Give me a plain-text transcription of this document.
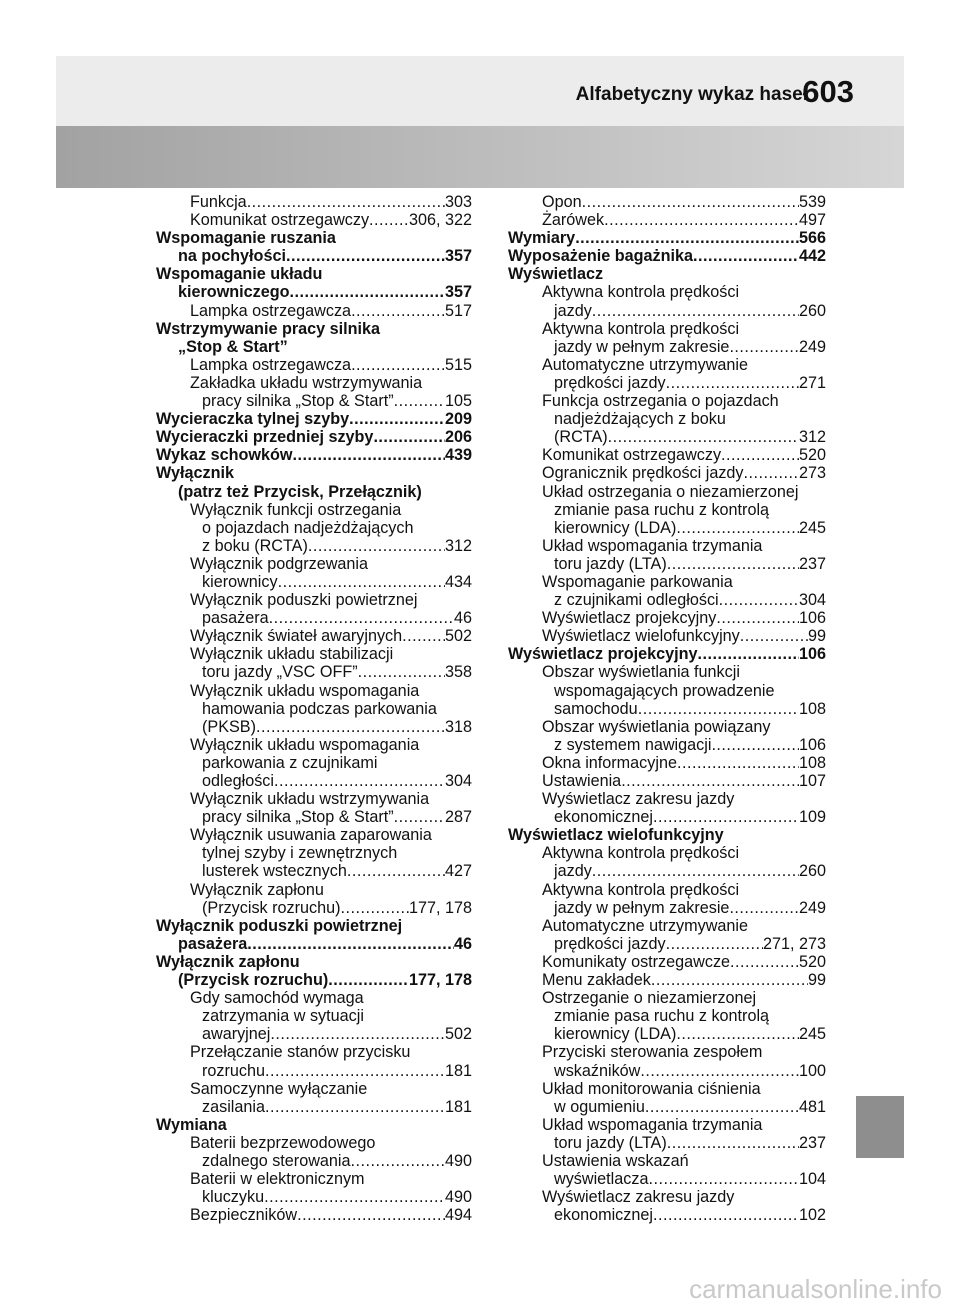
Alfabetyczny wykaz haseł
603
Funkcja .....	303
Komunikat ostrzegawczy ..... 306, 322
Wspomaganie ruszania
na pochyłości .....	357
Wspomaganie układu
kierowniczego .....	357
Lampka ostrzegawcza .....	517
Wstrzymywanie pracy silnika
„Stop & Start”
Lampka ostrzegawcza .....	515
Zakładka układu wstrzymywania
pracy silnika „Stop & Start” .....	105
Wycieraczka tylnej szyby .....	209
Wycieraczki przedniej szyby .....	206
Wykaz schowków .....	439
Wyłącznik
(patrz też Przycisk, Przełącznik)
Wyłącznik funkcji ostrzegania
o pojazdach nadjeżdżających
z boku (RCTA) .....	312
Wyłącznik podgrzewania
kierownicy .....	434
Wyłącznik poduszki powietrznej
pasażera .....	46
Wyłącznik świateł awaryjnych .....	502
Wyłącznik układu stabilizacji
toru jazdy „VSC OFF” .....	358
Wyłącznik układu wspomagania
hamowania podczas parkowania
(PKSB) .....	318
Wyłącznik układu wspomagania
parkowania z czujnikami
odległości .....	304
Wyłącznik układu wstrzymywania
pracy silnika „Stop & Start” .....	287
Wyłącznik usuwania zaparowania
tylnej szyby i zewnętrznych
lusterek wstecznych .....	427
Wyłącznik zapłonu
(Przycisk rozruchu) .....	177, 178
Wyłącznik poduszki powietrznej
pasażera .....	46
Wyłącznik zapłonu
(Przycisk rozruchu) .....	177, 178
Gdy samochód wymaga
zatrzymania w sytuacji
awaryjnej .....	502
Przełączanie stanów przycisku
rozruchu .....	181
Samoczynne wyłączanie
zasilania .....	181
Wymiana
Baterii bezprzewodowego
zdalnego sterowania .....	490
Baterii w elektronicznym
kluczyku .....	490
Bezpieczników .....	494
Opon .....	539
Żarówek .....	497
Wymiary .....	566
Wyposażenie bagażnika .....	442
Wyświetlacz
Aktywna kontrola prędkości
jazdy .....	260
Aktywna kontrola prędkości
jazdy w pełnym zakresie .....	249
Automatyczne utrzymywanie
prędkości jazdy .....	271
Funkcja ostrzegania o pojazdach
nadjeżdżających z boku
(RCTA) .....	312
Komunikat ostrzegawczy .....	520
Ogranicznik prędkości jazdy .....	273
Układ ostrzegania o niezamierzonej
zmianie pasa ruchu z kontrolą
kierownicy (LDA) .....	245
Układ wspomagania trzymania
toru jazdy (LTA) .....	237
Wspomaganie parkowania
z czujnikami odległości .....	304
Wyświetlacz projekcyjny .....	106
Wyświetlacz wielofunkcyjny .....	99
Wyświetlacz projekcyjny .....	106
Obszar wyświetlania funkcji
wspomagających prowadzenie
samochodu .....	108
Obszar wyświetlania powiązany
z systemem nawigacji .....	106
Okna informacyjne .....	108
Ustawienia .....	107
Wyświetlacz zakresu jazdy
ekonomicznej .....	109
Wyświetlacz wielofunkcyjny
Aktywna kontrola prędkości
jazdy .....	260
Aktywna kontrola prędkości
jazdy w pełnym zakresie .....	249
Automatyczne utrzymywanie
prędkości jazdy .....	271, 273
Komunikaty ostrzegawcze .....	520
Menu zakładek .....	99
Ostrzeganie o niezamierzonej
zmianie pasa ruchu z kontrolą
kierownicy (LDA) .....	245
Przyciski sterowania zespołem
wskaźników .....	100
Układ monitorowania ciśnienia
w ogumieniu .....	481
Układ wspomagania trzymania
toru jazdy (LTA) .....	237
Ustawienia wskazań
wyświetlacza .....	104
Wyświetlacz zakresu jazdy
ekonomicznej .....	102
carmanualsonline.info
